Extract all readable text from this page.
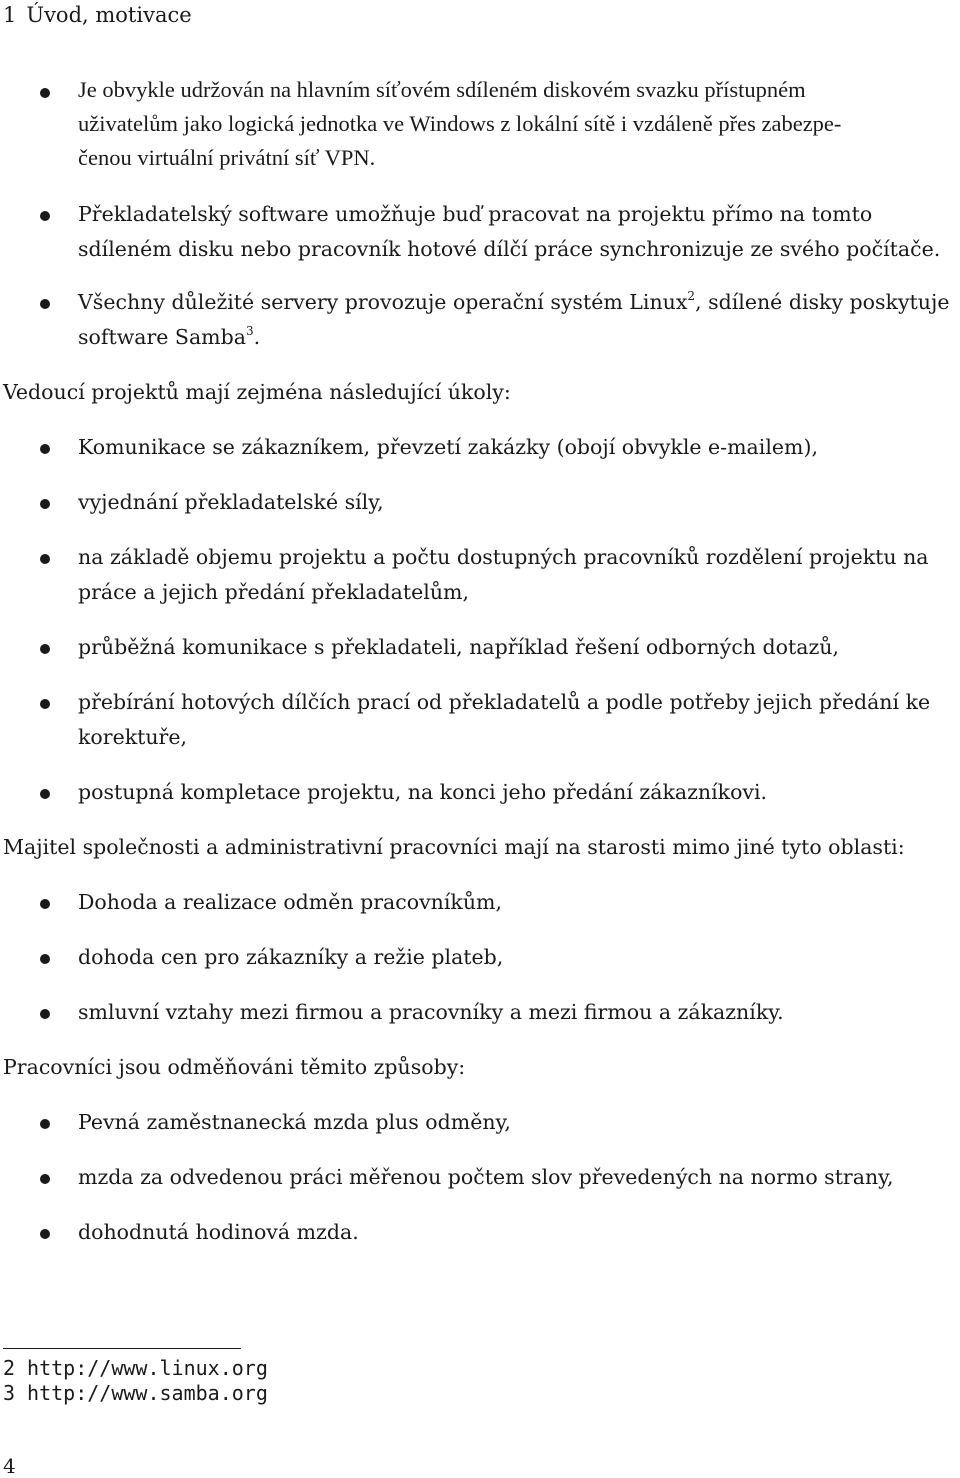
1 Úvod, motivace
Je obvykle udržován na hlavním síťovém sdíleném diskovém svazku přístupném
uživatelům jako logická jednotka ve Windows z lokální sítě i vzdáleně přes zabezpe-
čenou virtuální privátní síť VPN.
Překladatelský software umožňuje buď pracovat na projektu přímo na tomto
sdíleném disku nebo pracovník hotové dílčí práce synchronizuje ze svého počítače.
Všechny důležité servery provozuje operační systém Linux$^2$, sdílené disky poskytuje
software Samba$^3$.
Vedoucí projektů mají zejména následující úkoly:
Komunikace se zákazníkem, převzetí zakázky (obojí obvykle e-mailem),
vyjednání překladatelské síly,
na základě objemu projektu a počtu dostupných pracovníků rozdělení projektu na
práce a jejich předání překladatelům,
průběžná komunikace s překladateli, například řešení odborných dotazů,
přebírání hotových dílčích prací od překladatelů a podle potřeby jejich předání ke
korektuře,
postupná kompletace projektu, na konci jeho předání zákazníkovi.
Majitel společnosti a administrativní pracovníci mají na starosti mimo jiné tyto oblasti:
Dohoda a realizace odměn pracovníkům,
dohoda cen pro zákazníky a režie plateb,
smluvní vztahy mezi firmou a pracovníky a mezi firmou a zákazníky.
Pracovníci jsou odměňováni těmito způsoby:
Pevná zaměstnanecká mzda plus odměny,
mzda za odvedenou práci měřenou počtem slov převedených na normo strany,
dohodnutá hodinová mzda.
2 http://www.linux.org
3 http://www.samba.org
4
